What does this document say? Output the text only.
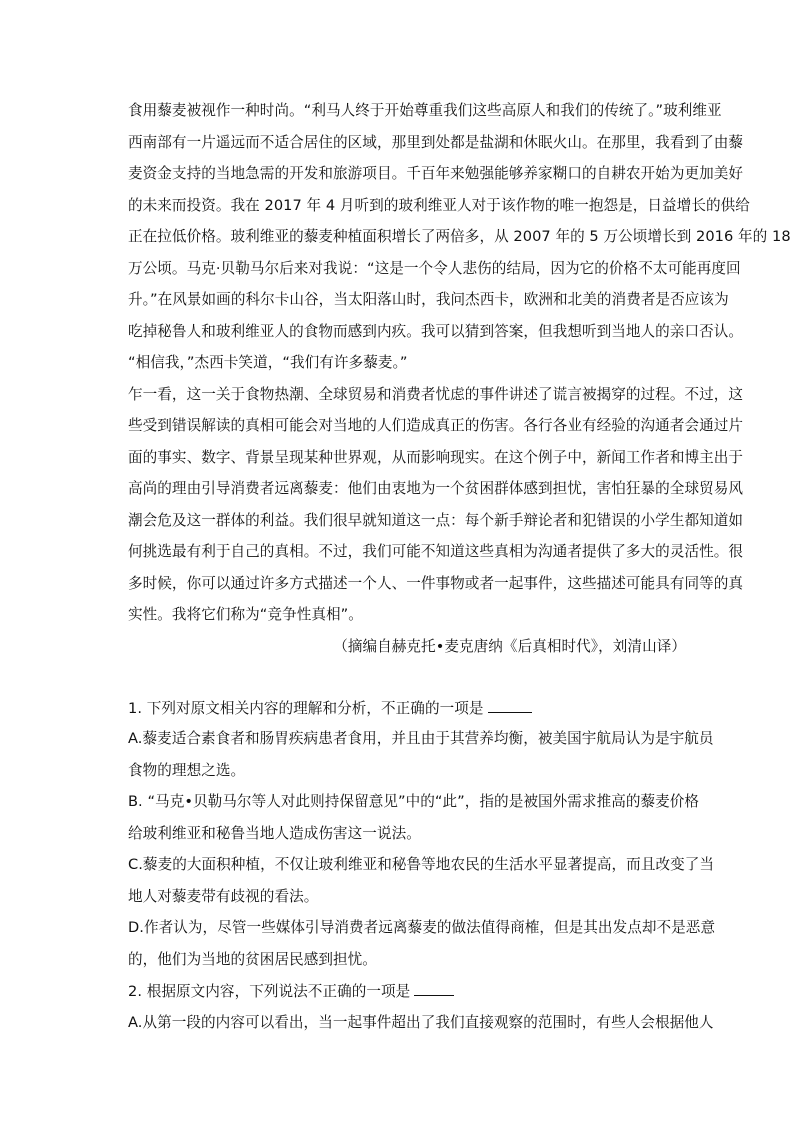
食用藜麦被视作一种时尚。“利马人终于开始尊重我们这些高原人和我们的传统了。”玻利维亚
西南部有一片遥远而不适合居住的区域，那里到处都是盐湖和休眠火山。在那里，我看到了由藜
麦资金支持的当地急需的开发和旅游项目。千百年来勉强能够养家糊口的自耕农开始为更加美好
的未来而投资。我在 2017 年 4 月听到的玻利维亚人对于该作物的唯一抱怨是，日益增长的供给
正在拉低价格。玻利维亚的藜麦种植面积增长了两倍多，从 2007 年的 5 万公顷增长到 2016 年的 18
万公顷。马克·贝勒马尔后来对我说：“这是一个令人悲伤的结局，因为它的价格不太可能再度回
升。”在风景如画的科尔卡山谷，当太阳落山时，我问杰西卡，欧洲和北美的消费者是否应该为
吃掉秘鲁人和玻利维亚人的食物而感到内疚。我可以猜到答案，但我想听到当地人的亲口否认。
“相信我，”杰西卡笑道，“我们有许多藜麦。”
乍一看，这一关于食物热潮、全球贸易和消费者忧虑的事件讲述了谎言被揭穿的过程。不过，这
些受到错误解读的真相可能会对当地的人们造成真正的伤害。各行各业有经验的沟通者会通过片
面的事实、数字、背景呈现某种世界观，从而影响现实。在这个例子中，新闻工作者和博主出于
高尚的理由引导消费者远离藜麦：他们由衷地为一个贫困群体感到担忧，害怕狂暴的全球贸易风
潮会危及这一群体的利益。我们很早就知道这一点：每个新手辩论者和犯错误的小学生都知道如
何挑选最有利于自己的真相。不过，我们可能不知道这些真相为沟通者提供了多大的灵活性。很
多时候，你可以通过许多方式描述一个人、一件事物或者一起事件，这些描述可能具有同等的真
实性。我将它们称为“竞争性真相”。
（摘编自赫克托•麦克唐纳《后真相时代》，刘清山译）
1. 下列对原文相关内容的理解和分析，不正确的一项是
A.藜麦适合素食者和肠胃疾病患者食用，并且由于其营养均衡，被美国宇航局认为是宇航员
食物的理想之选。
B. “马克•贝勒马尔等人对此则持保留意见”中的“此”，指的是被国外需求推高的藜麦价格
给玻利维亚和秘鲁当地人造成伤害这一说法。
C.藜麦的大面积种植，不仅让玻利维亚和秘鲁等地农民的生活水平显著提高，而且改变了当
地人对藜麦带有歧视的看法。
D.作者认为，尽管一些媒体引导消费者远离藜麦的做法值得商榷，但是其出发点却不是恶意
的，他们为当地的贫困居民感到担忧。
2. 根据原文内容，下列说法不正确的一项是
A.从第一段的内容可以看出，当一起事件超出了我们直接观察的范围时，有些人会根据他人
